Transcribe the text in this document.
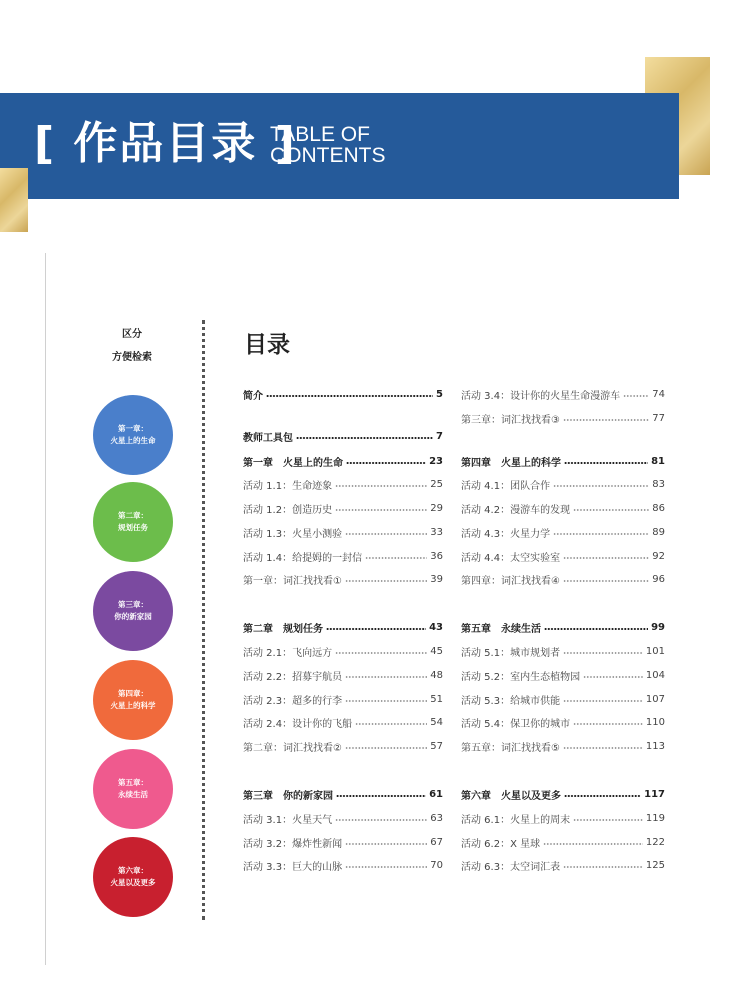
[ 作品目录 ]
TABLE OF
CONTENTS
区分
方便检索
第一章：
火星上的生命
第二章：
规划任务
第三章：
你的新家园
第四章：
火星上的科学
第五章：
永续生活
第六章：
火星以及更多
目录
简介	5
教师工具包	7
第一章　火星上的生命	23
活动 1.1：生命迹象	25
活动 1.2：创造历史	29
活动 1.3：火星小测验	33
活动 1.4：给提姆的一封信	36
第一章：词汇找找看①	39
第二章　规划任务	43
活动 2.1：飞向远方	45
活动 2.2：招募宇航员	48
活动 2.3：超多的行李	51
活动 2.4：设计你的飞船	54
第二章：词汇找找看②	57
第三章　你的新家园	61
活动 3.1：火星天气	63
活动 3.2：爆炸性新闻	67
活动 3.3：巨大的山脉	70
活动 3.4：设计你的火星生命漫游车	74
第三章：词汇找找看③	77
第四章　火星上的科学	81
活动 4.1：团队合作	83
活动 4.2：漫游车的发现	86
活动 4.3：火星力学	89
活动 4.4：太空实验室	92
第四章：词汇找找看④	96
第五章　永续生活	99
活动 5.1：城市规划者	101
活动 5.2：室内生态植物园	104
活动 5.3：给城市供能	107
活动 5.4：保卫你的城市	110
第五章：词汇找找看⑤	113
第六章　火星以及更多	117
活动 6.1：火星上的周末	119
活动 6.2：X 星球	122
活动 6.3：太空词汇表	125
